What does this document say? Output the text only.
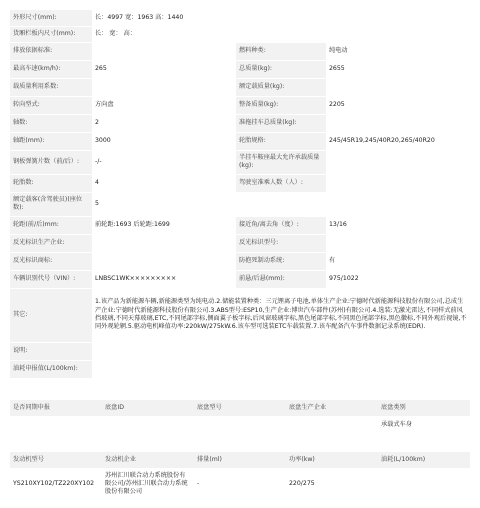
外形尺寸(mm):	长：4997 宽：1963 高：1440		
货厢栏板内尺寸(mm):	长： 宽： 高：		
排放依据标准:		燃料种类:	纯电动
最高车速(km/h):	265	总质量(kg):	2655
载质量利用系数:		额定载质量(kg):	
转向型式:	方向盘	整备质量(kg):	2205
轴数:	2	准拖挂车总质量(kg):	
轴距(mm):	3000	轮胎规格:	245/45R19,245/40R20,265/40R20
钢板弹簧片数（前/后）:	-/-	半挂车鞍座最大允许承载质量(kg):	
轮胎数:	4	驾驶室准乘人数（人）:	
额定载客(含驾驶员)(座位数):	5		
轮距(前/后)mm:	前轮距:1693 后轮距:1699	接近角/离去角（度）:	13/16
反光标识生产企业:		反光标识型号:	
反光标识商标:		防抱死制动系统:	有
车辆识别代号（VIN）:	LNBSC1WK×××××××××	前悬/后悬(mm):	975/1022
其它:	1.该产品为新能源车辆,新能源类型为纯电动.2.储能装置种类：三元锂离子电池,单体生产企业:宁德时代新能源科技股份有限公司,总成生产企业:宁德时代新能源科技股份有限公司.3.ABS型号:ESP10,生产企业:博世汽车部件(苏州)有限公司.4.选装:无激光雷达,不同样式前风挡玻璃,不同天幕玻璃,ETC,不同尾部字标,侧面翼子板字标,后风窗玻璃字标,黑色尾部字标,不同黑色尾部字标,黑色徽标,不同外观后视镜,不同外观轮辋.5.驱动电机峰值功率:220kW/275kW.6.该车型可选装ETC车载装置.7.该车配备汽车事件数据记录系统(EDR).		
说明:			
油耗申报值(L/100km):			
是否同期申报	底盘ID	底盘型号	底盘生产企业	底盘类别
				承载式车身
发动机型号	发动机企业	排量(ml)	功率(kw)	油耗(L/100km)
YS210XY102/TZ220XY102	苏州汇川联合动力系统股份有限公司/苏州汇川联合动力系统股份有限公司	-	220/275	
